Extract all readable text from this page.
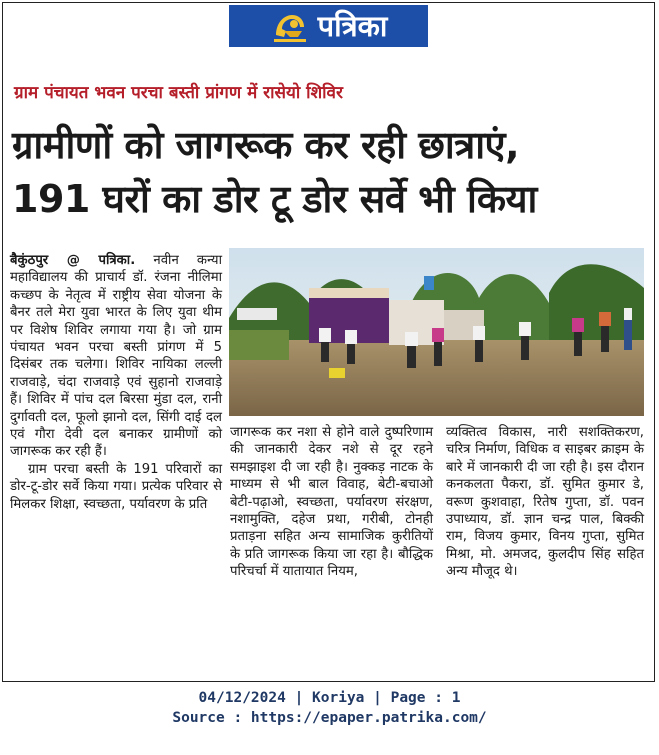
पत्रिका
ग्राम पंचायत भवन परचा बस्ती प्रांगण में रासेयो शिविर
ग्रामीणों को जागरूक कर रही छात्राएं,
191 घरों का डोर टू डोर सर्वे भी किया

बैकुंठपुर @ पत्रिका. नवीन कन्या महाविद्यालय की प्राचार्य डॉ. रंजना नीलिमा कच्छप के नेतृत्व में राष्ट्रीय सेवा योजना के बैनर तले मेरा युवा भारत के लिए युवा थीम पर विशेष शिविर लगाया गया है। जो ग्राम पंचायत भवन परचा बस्ती प्रांगण में 5 दिसंबर तक चलेगा। शिविर नायिका लल्ली राजवाड़े, चंदा राजवाड़े एवं सुहानो राजवाड़े हैं। शिविर में पांच दल बिरसा मुंडा दल, रानी दुर्गावती दल, फूलो झानो दल, सिंगी दाई दल एवं गौरा देवी दल बनाकर ग्रामीणों को जागरूक कर रही हैं।

ग्राम परचा बस्ती के 191 परिवारों का डोर-टू-डोर सर्वे किया गया। प्रत्येक परिवार से मिलकर शिक्षा, स्वच्छता, पर्यावरण के प्रति

जागरूक कर नशा से होने वाले दुष्परिणाम की जानकारी देकर नशे से दूर रहने समझाइश दी जा रही है। नुक्कड़ नाटक के माध्यम से भी बाल विवाह, बेटी-बचाओ बेटी-पढ़ाओ, स्वच्छता, पर्यावरण संरक्षण, नशामुक्ति, दहेज प्रथा, गरीबी, टोनही प्रताड़ना सहित अन्य सामाजिक कुरीतियों के प्रति जागरूक किया जा रहा है। बौद्धिक परिचर्चा में यातायात नियम,
व्यक्तित्व विकास, नारी सशक्तिकरण, चरित्र निर्माण, विधिक व साइबर क्राइम के बारे में जानकारी दी जा रही है। इस दौरान कनकलता पैकरा, डॉ. सुमित कुमार डे, वरूण कुशवाहा, रितेष गुप्ता, डॉ. पवन उपाध्याय, डॉ. ज्ञान चन्द्र पाल, बिक्की राम, विजय कुमार, विनय गुप्ता, सुमित मिश्रा, मो. अमजद, कुलदीप सिंह सहित अन्य मौजूद थे।
04/12/2024 | Koriya | Page : 1
Source : https://epaper.patrika.com/
